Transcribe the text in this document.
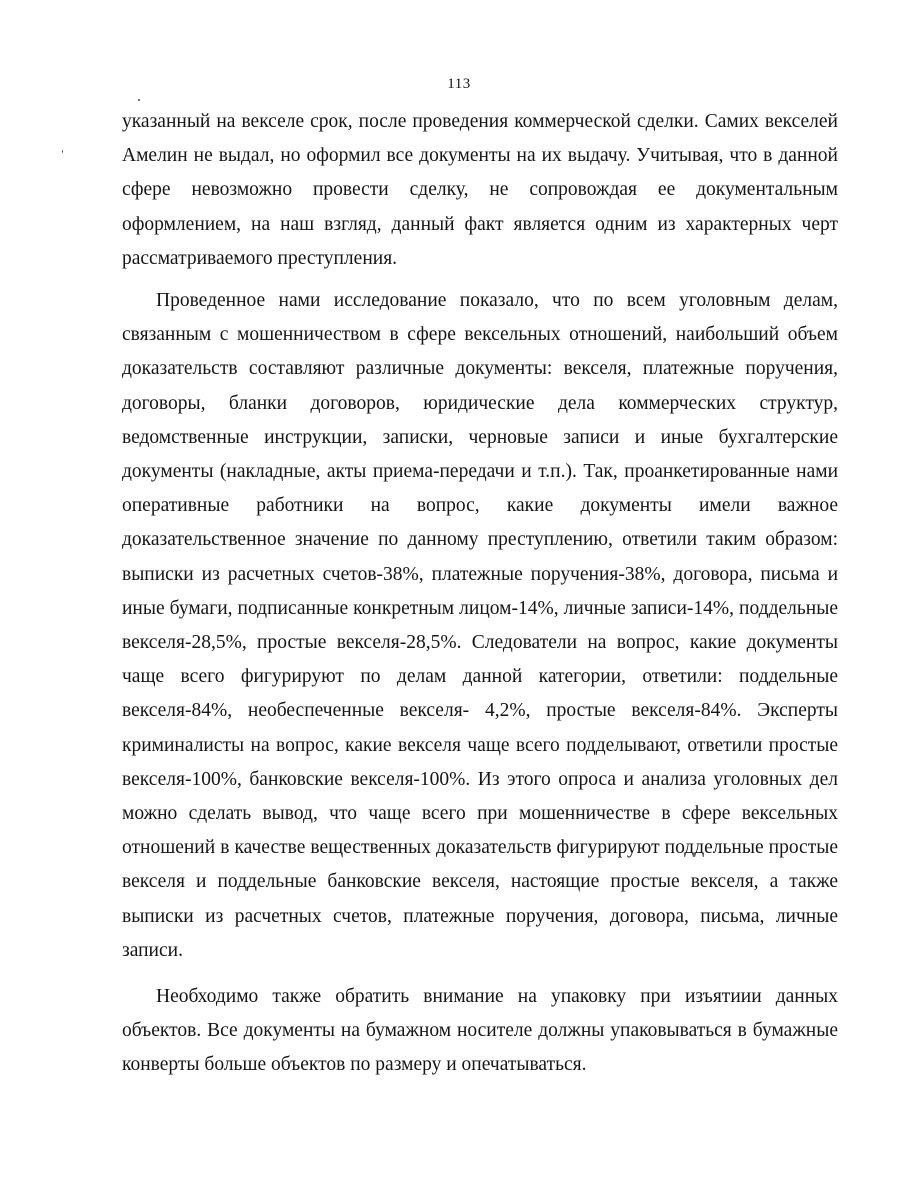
113

указанный на векселе срок, после проведения коммерческой сделки. Самих векселей Амелин не выдал, но оформил все документы на их выдачу. Учитывая, что в данной сфере невозможно провести сделку, не сопровождая ее документальным оформлением, на наш взгляд, данный факт является одним из характерных черт рассматриваемого преступления.

Проведенное нами исследование показало, что по всем уголовным делам, связанным с мошенничеством в сфере вексельных отношений, наибольший объем доказательств составляют различные документы: векселя, платежные поручения, договоры, бланки договоров, юридические дела коммерческих структур, ведомственные инструкции, записки, черновые записи и иные бухгалтерские документы (накладные, акты приема-передачи и т.п.). Так, проанкетированные нами оперативные работники на вопрос, какие документы имели важное доказательственное значение по данному преступлению, ответили таким образом: выписки из расчетных счетов-38%, платежные поручения-38%, договора, письма и иные бумаги, подписанные конкретным лицом-14%, личные записи-14%, поддельные векселя-28,5%, простые векселя-28,5%. Следователи на вопрос, какие документы чаще всего фигурируют по делам данной категории, ответили: поддельные векселя-84%, необеспеченные векселя- 4,2%, простые векселя-84%. Эксперты криминалисты на вопрос, какие векселя чаще всего подделывают, ответили простые векселя-100%, банковские векселя-100%. Из этого опроса и анализа уголовных дел можно сделать вывод, что чаще всего при мошенничестве в сфере вексельных отношений в качестве вещественных доказательств фигурируют поддельные простые векселя и поддельные банковские векселя, настоящие простые векселя, а также выписки из расчетных счетов, платежные поручения, договора, письма, личные записи.

Необходимо также обратить внимание на упаковку при изъятиии данных объектов. Все документы на бумажном носителе должны упаковываться в бумажные конверты больше объектов по размеру и опечатываться.
